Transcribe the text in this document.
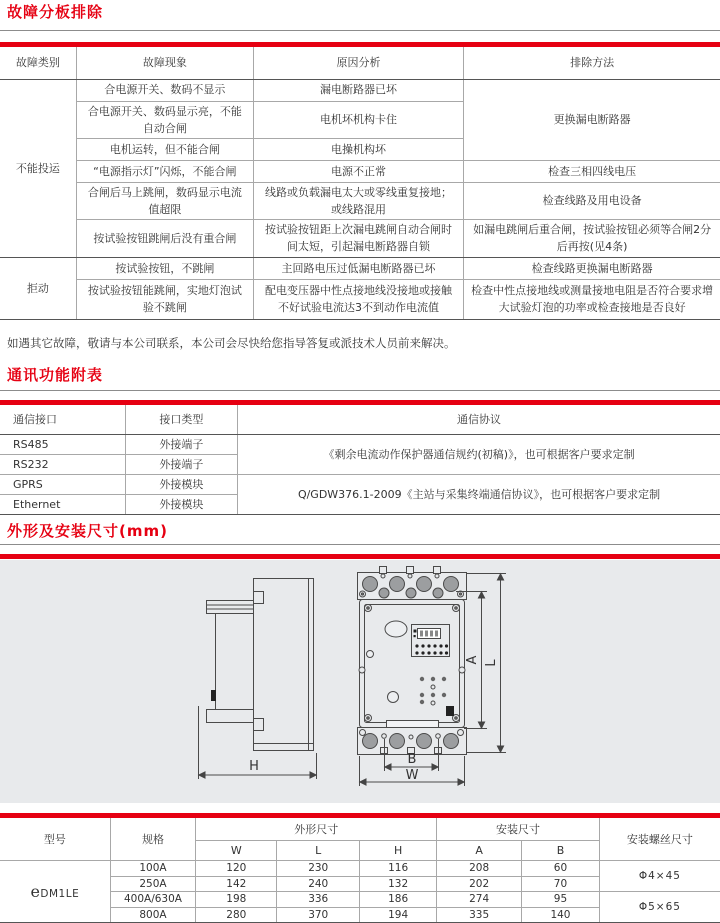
故障分板排除
故障类别	故障现象	原因分析	排除方法
不能投运	合电源开关、数码不显示	漏电断路器已坏	更换漏电断路器
	合电源开关、数码显示亮，不能自动合闸	电机坏机构卡住	
	电机运转，但不能合闸	电操机构坏	
	“电源指示灯”闪烁，不能合闸	电源不正常	检查三相四线电压
	合闸后马上跳闸，数码显示电流值超限	线路或负载漏电太大或零线重复接地；或线路混用	检查线路及用电设备
	按试验按钮跳闸后没有重合闸	按试验按钮距上次漏电跳闸自动合闸时间太短，引起漏电断路器自锁	如漏电跳闸后重合闸，按试验按钮必须等合闸2分后再按(见4条)
拒动	按试验按钮，不跳闸	主回路电压过低漏电断路器已坏	检查线路更换漏电断路器
	按试验按钮能跳闸，实地灯泡试验不跳闸	配电变压器中性点接地线没接地或接触不好试验电流达3不到动作电流值	检查中性点接地线或测量接地电阻是否符合要求增大试验灯泡的功率或检查接地是否良好

如遇其它故障，敬请与本公司联系，本公司会尽快给您指导答复或派技术人员前来解决。

通讯功能附表
通信接口	接口类型	通信协议
RS485	外接端子	《剩余电流动作保护器通信规约(初稿)》，也可根据客户要求定制
RS232	外接端子	
GPRS	外接模块	Q/GDW376.1-2009《主站与采集终端通信协议》，也可根据客户要求定制
Ethernet	外接模块	
外形及安装尺寸(mm)
H	B
W
A L
型号	规格	外形尺寸			安装尺寸		安装螺丝尺寸
		W	L	H	A	B	
eDM1LE	100A	120	230	116	208	60	Φ4×45
	250A	142	240	132	202	70	
	400A/630A	198	336	186	274	95	Φ5×65
	800A	280	370	194	335	140	
